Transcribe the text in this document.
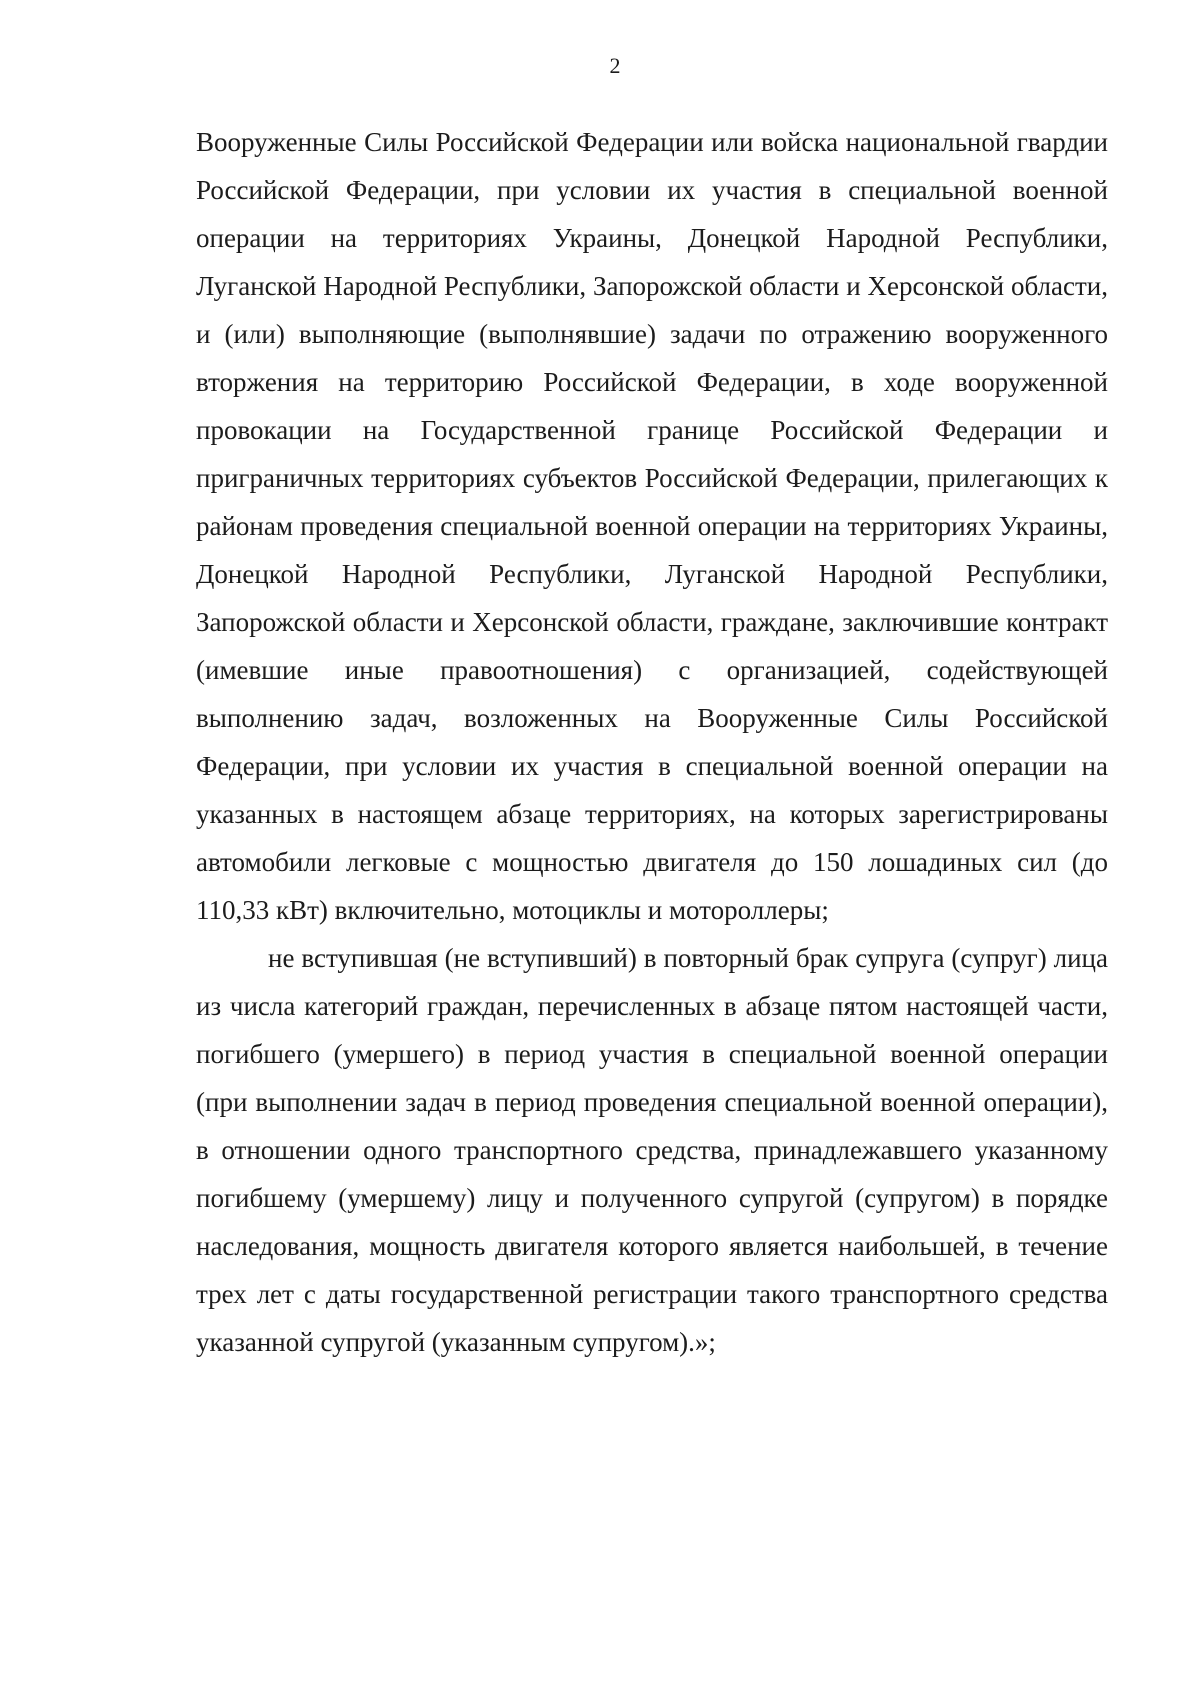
2

Вооруженные Силы Российской Федерации или войска национальной гвардии Российской Федерации, при условии их участия в специальной военной операции на территориях Украины, Донецкой Народной Республики, Луганской Народной Республики, Запорожской области и Херсонской области, и (или) выполняющие (выполнявшие) задачи по отражению вооруженного вторжения на территорию Российской Федерации, в ходе вооруженной провокации на Государственной границе Российской Федерации и приграничных территориях субъектов Российской Федерации, прилегающих к районам проведения специальной военной операции на территориях Украины, Донецкой Народной Республики, Луганской Народной Республики, Запорожской области и Херсонской области, граждане, заключившие контракт (имевшие иные правоотношения) с организацией, содействующей выполнению задач, возложенных на Вооруженные Силы Российской Федерации, при условии их участия в специальной военной операции на указанных в настоящем абзаце территориях, на которых зарегистрированы автомобили легковые с мощностью двигателя до 150 лошадиных сил (до 110,33 кВт) включительно, мотоциклы и мотороллеры;

не вступившая (не вступивший) в повторный брак супруга (супруг) лица из числа категорий граждан, перечисленных в абзаце пятом настоящей части, погибшего (умершего) в период участия в специальной военной операции (при выполнении задач в период проведения специальной военной операции), в отношении одного транспортного средства, принадлежавшего указанному погибшему (умершему) лицу и полученного супругой (супругом) в порядке наследования, мощность двигателя которого является наибольшей, в течение трех лет с даты государственной регистрации такого транспортного средства указанной супругой (указанным супругом).»;
